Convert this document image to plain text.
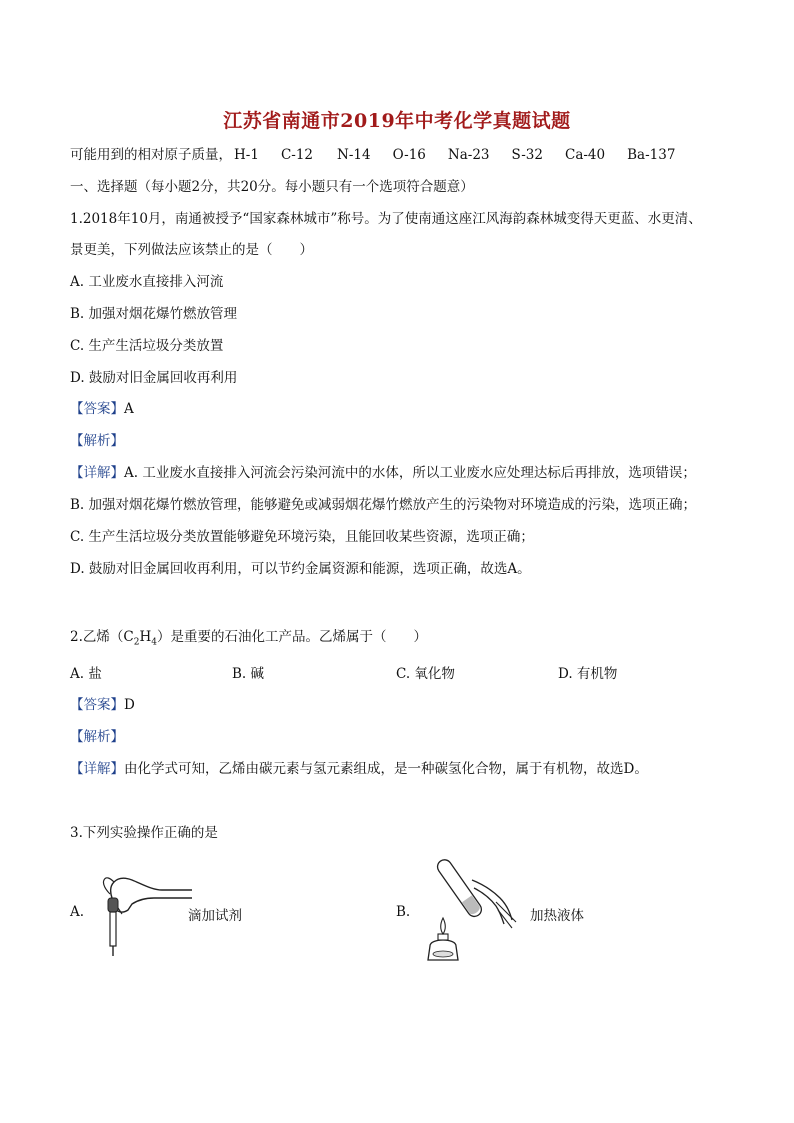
江苏省南通市2019年中考化学真题试题
可能用到的相对原子质量， H-1 C-12 N-14 O-16 Na-23 S-32 Ca-40 Ba-137
一、选择题（每小题2分，共20分。每小题只有一个选项符合题意）
1.2018年10月，南通被授予“国家森林城市”称号。为了使南通这座江风海韵森林城变得天更蓝、水更清、
景更美，下列做法应该禁止的是（　　）
A. 工业废水直接排入河流
B. 加强对烟花爆竹燃放管理
C. 生产生活垃圾分类放置
D. 鼓励对旧金属回收再利用
【答案】A
【解析】
【详解】A. 工业废水直接排入河流会污染河流中的水体，所以工业废水应处理达标后再排放，选项错误；
B. 加强对烟花爆竹燃放管理，能够避免或减弱烟花爆竹燃放产生的污染物对环境造成的污染，选项正确；
C. 生产生活垃圾分类放置能够避免环境污染，且能回收某些资源，选项正确；
D. 鼓励对旧金属回收再利用，可以节约金属资源和能源，选项正确，故选A。
2.乙烯$(C_2H_4)$是重要的石油化工产品。乙烯属于（　　）
A. 盐	B. 碱	C. 氧化物	D. 有机物
【答案】D
【解析】
【详解】由化学式可知，乙烯由碳元素与氢元素组成，是一种碳氢化合物，属于有机物，故选D。
3.下列实验操作正确的是
A.	滴加试剂	B.	加热液体
